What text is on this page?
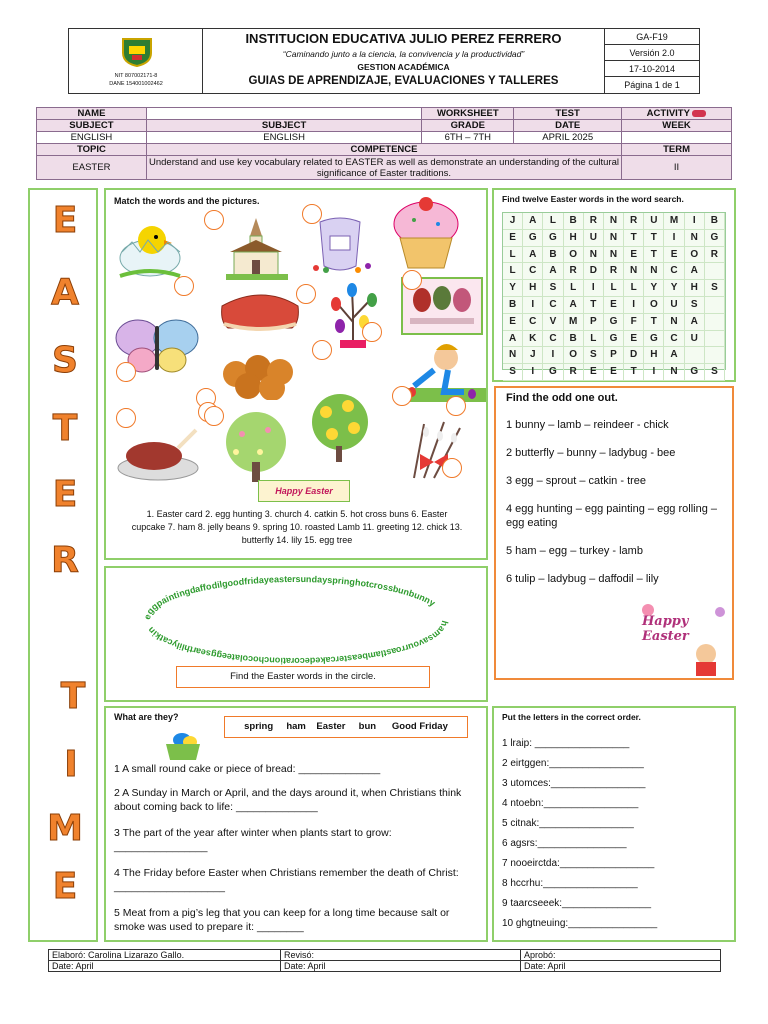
NIT 807002171-8
DANE 154001002462
INSTITUCION EDUCATIVA JULIO PEREZ FERRERO
“Caminando junto a la ciencia, la convivencia y la productividad”
GESTION ACADÉMICA
GUIAS DE APRENDIZAJE, EVALUACIONES Y TALLERES
GA-F19
Versión 2.0
17-10-2014
Página 1 de 1
NAME		WORKSHEET	TEST	ACTIVITY
SUBJECT	SUBJECT	GRADE	DATE	WEEK
ENGLISH	ENGLISH	6TH – 7TH	APRIL 2025	
TOPIC	COMPETENCE			TERM
EASTER	Understand and use key vocabulary related to EASTER as well as demonstrate an understanding of the cultural significance of Easter traditions.			II
E
A
S
T
E
R
T
I
M
E
Match the words and the pictures.
Happy Easter
1. Easter card 2. egg hunting 3. church 4. catkin 5. hot cross buns 6. Easter cupcake 7. ham 8. jelly beans 9. spring 10. roasted Lamb 11. greeting 12. chick 13. butterfly 14. lily 15. egg tree
Find twelve Easter words in the word search.
J	A	L	B	R	N	R	U	M	I	B
E	G	G	H	U	N	T	T	I	N	G
L	A	B	O	N	N	E	T	E	O	R
L	C	A	R	D	R	N	N	C	A
Y	H	S	L	I	L	L	Y	Y	H	S
B	I	C	A	T	E	I	O	U	S
E	C	V	M	P	G	F	T	N	A
A	K	C	B	L	G	E	G	C	U
N	J	I	O	S	P	D	H	A
S	I	G	R	E	E	T	I	N	G	S
Find the odd one out.
1 bunny – lamb – reindeer - chick
2 butterfly – bunny – ladybug - bee
3 egg – sprout – catkin - tree
4 egg hunting – egg painting – egg rolling – egg eating
5 ham – egg – turkey - lamb
6 tulip – ladybug – daffodil – lily
Happy Easter
eggpaintingdaffodilgoodfridayeastersundayspringhotcrossbunbunny
hamsavourroastlambeastercakedecorationchocolateeggsearthlilycatkin
Find the Easter words in the circle.
What are they?
spring     ham    Easter     bun      Good Friday
1 A small round cake or piece of bread: ______________
2 A Sunday in March or April, and the days around it, when Christians think about coming back to life: ______________
3 The part of the year after winter when plants start to grow: ________________
4 The Friday before Easter when Christians remember the death of Christ: ___________________
5 Meat from a pig’s leg that you can keep for a long time because salt or smoke was used to prepare it: ________
Put the letters in the correct order.
1 lraip: _________________
2 eirtggen:_________________
3 utomces:_________________
4 ntoebn:_________________
5 citnak:_________________
6 agsrs:________________
7 nooeirctda:_________________
8 hccrhu:_________________
9 taarcseeek:________________
10 ghgtneuing:________________
Elaboró: Carolina Lizarazo Gallo.	Revisó:	Aprobó:
Date: April	Date: April	Date: April
